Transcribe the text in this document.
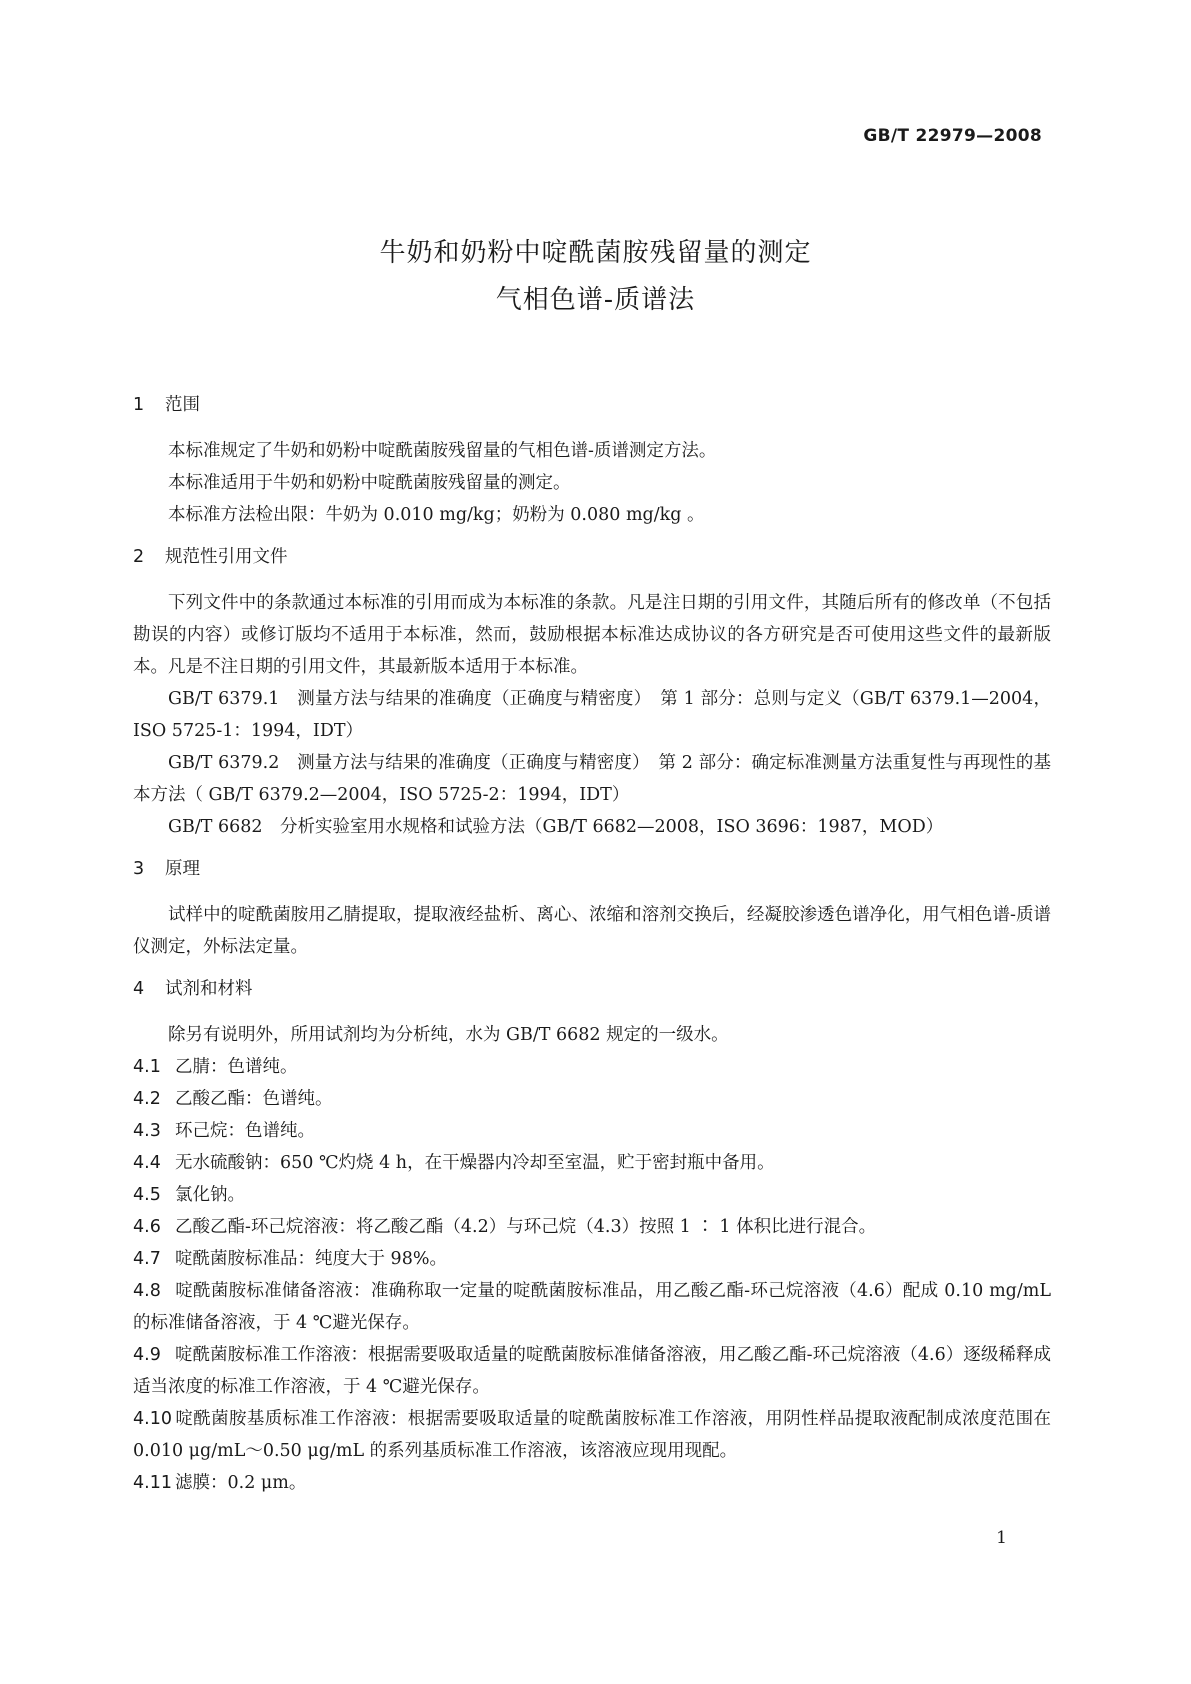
GB/T 22979—2008
牛奶和奶粉中啶酰菌胺残留量的测定
气相色谱-质谱法
1 范围
本标准规定了牛奶和奶粉中啶酰菌胺残留量的气相色谱-质谱测定方法。
本标准适用于牛奶和奶粉中啶酰菌胺残留量的测定。
本标准方法检出限：牛奶为 0.010 mg/kg；奶粉为 0.080 mg/kg 。
2 规范性引用文件
下列文件中的条款通过本标准的引用而成为本标准的条款。凡是注日期的引用文件，其随后所有的修改单（不包括勘误的内容）或修订版均不适用于本标准，然而，鼓励根据本标准达成协议的各方研究是否可使用这些文件的最新版本。凡是不注日期的引用文件，其最新版本适用于本标准。
GB/T 6379.1　测量方法与结果的准确度（正确度与精密度）　第 1 部分：总则与定义（GB/T 6379.1—2004，ISO 5725-1：1994，IDT）
GB/T 6379.2　测量方法与结果的准确度（正确度与精密度）　第 2 部分：确定标准测量方法重复性与再现性的基本方法（ GB/T 6379.2—2004，ISO 5725-2：1994，IDT）
GB/T 6682　分析实验室用水规格和试验方法（GB/T 6682—2008，ISO 3696：1987，MOD）
3 原理
试样中的啶酰菌胺用乙腈提取，提取液经盐析、离心、浓缩和溶剂交换后，经凝胶渗透色谱净化，用气相色谱-质谱仪测定，外标法定量。
4 试剂和材料
除另有说明外，所用试剂均为分析纯，水为 GB/T 6682 规定的一级水。
4.1 乙腈：色谱纯。
4.2 乙酸乙酯：色谱纯。
4.3 环己烷：色谱纯。
4.4 无水硫酸钠：650 ℃灼烧 4 h，在干燥器内冷却至室温，贮于密封瓶中备用。
4.5 氯化钠。
4.6 乙酸乙酯-环己烷溶液：将乙酸乙酯（4.2）与环己烷（4.3）按照 1 ∶ 1 体积比进行混合。
4.7 啶酰菌胺标准品：纯度大于 98%。
4.8 啶酰菌胺标准储备溶液：准确称取一定量的啶酰菌胺标准品，用乙酸乙酯-环己烷溶液（4.6）配成 0.10 mg/mL 的标准储备溶液，于 4 ℃避光保存。
4.9 啶酰菌胺标准工作溶液：根据需要吸取适量的啶酰菌胺标准储备溶液，用乙酸乙酯-环己烷溶液（4.6）逐级稀释成适当浓度的标准工作溶液，于 4 ℃避光保存。
4.10 啶酰菌胺基质标准工作溶液：根据需要吸取适量的啶酰菌胺标准工作溶液，用阴性样品提取液配制成浓度范围在 0.010 μg/mL～0.50 μg/mL 的系列基质标准工作溶液，该溶液应现用现配。
4.11 滤膜：0.2 μm。
1
